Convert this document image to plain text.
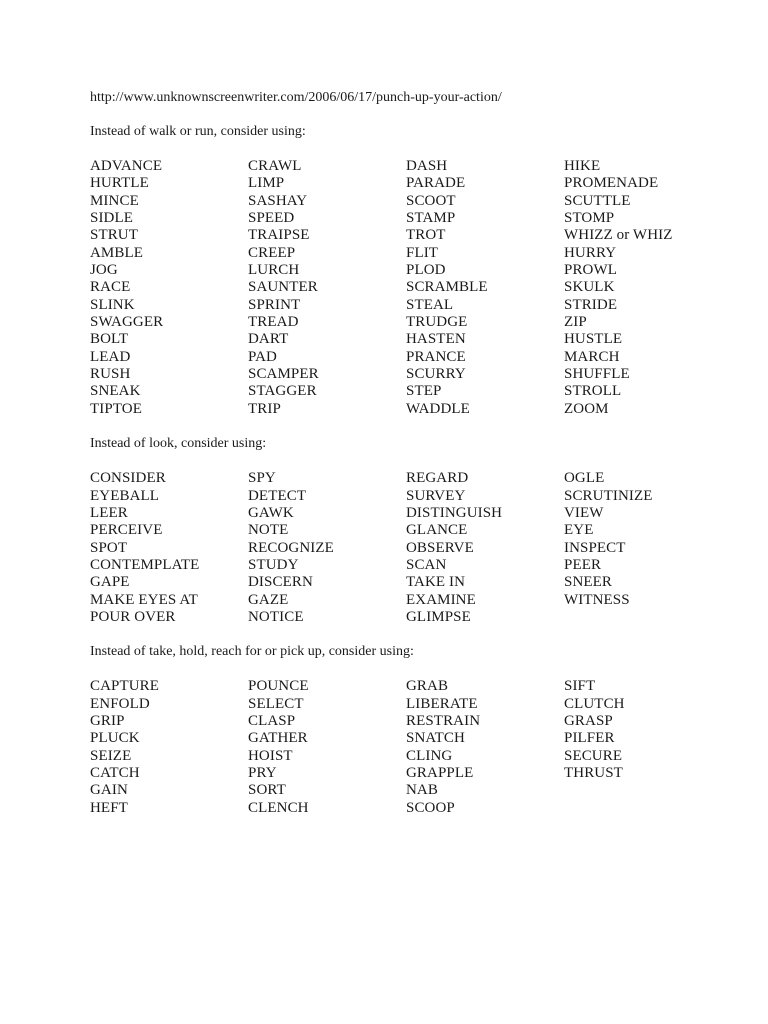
http://www.unknownscreenwriter.com/2006/06/17/punch-up-your-action/

Instead of walk or run, consider using:

ADVANCE	CRAWL	DASH	HIKE
HURTLE	LIMP	PARADE	PROMENADE
MINCE	SASHAY	SCOOT	SCUTTLE
SIDLE	SPEED	STAMP	STOMP
STRUT	TRAIPSE	TROT	WHIZZ or WHIZ
AMBLE	CREEP	FLIT	HURRY
JOG	LURCH	PLOD	PROWL
RACE	SAUNTER	SCRAMBLE	SKULK
SLINK	SPRINT	STEAL	STRIDE
SWAGGER	TREAD	TRUDGE	ZIP
BOLT	DART	HASTEN	HUSTLE
LEAD	PAD	PRANCE	MARCH
RUSH	SCAMPER	SCURRY	SHUFFLE
SNEAK	STAGGER	STEP	STROLL
TIPTOE	TRIP	WADDLE	ZOOM

Instead of look, consider using:

CONSIDER	SPY	REGARD	OGLE
EYEBALL	DETECT	SURVEY	SCRUTINIZE
LEER	GAWK	DISTINGUISH	VIEW
PERCEIVE	NOTE	GLANCE	EYE
SPOT	RECOGNIZE	OBSERVE	INSPECT
CONTEMPLATE	STUDY	SCAN	PEER
GAPE	DISCERN	TAKE IN	SNEER
MAKE EYES AT	GAZE	EXAMINE	WITNESS
POUR OVER	NOTICE	GLIMPSE

Instead of take, hold, reach for or pick up, consider using:

CAPTURE	POUNCE	GRAB	SIFT
ENFOLD	SELECT	LIBERATE	CLUTCH
GRIP	CLASP	RESTRAIN	GRASP
PLUCK	GATHER	SNATCH	PILFER
SEIZE	HOIST	CLING	SECURE
CATCH	PRY	GRAPPLE	THRUST
GAIN	SORT	NAB
HEFT	CLENCH	SCOOP
